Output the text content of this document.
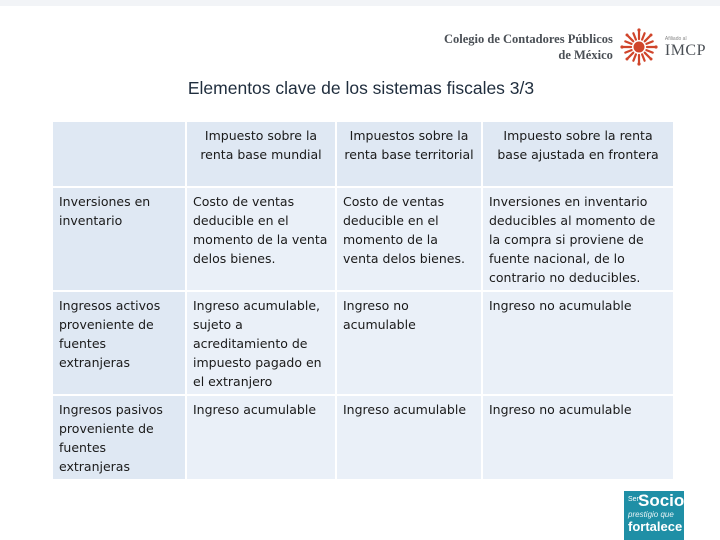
Colegio de Contadores Públicos
de México
Afiliado al
IMCP
Elementos clave de los sistemas fiscales 3/3
	Impuesto sobre la renta base mundial	Impuestos sobre la renta base territorial	Impuesto sobre la renta base ajustada en frontera
Inversiones en inventario	Costo de ventas deducible en el momento de la venta delos bienes.	Costo de ventas deducible en el momento de la venta delos bienes.	Inversiones en inventario deducibles al momento de la compra si proviene de fuente nacional, de lo contrario no deducibles.
Ingresos activos proveniente de fuentes extranjeras	Ingreso acumulable, sujeto a acreditamiento de impuesto pagado en el extranjero	Ingreso no acumulable	Ingreso no acumulable
Ingresos pasivos proveniente de fuentes extranjeras	Ingreso acumulable	Ingreso acumulable	Ingreso no acumulable
Ser Socio
prestigio que
fortalece
